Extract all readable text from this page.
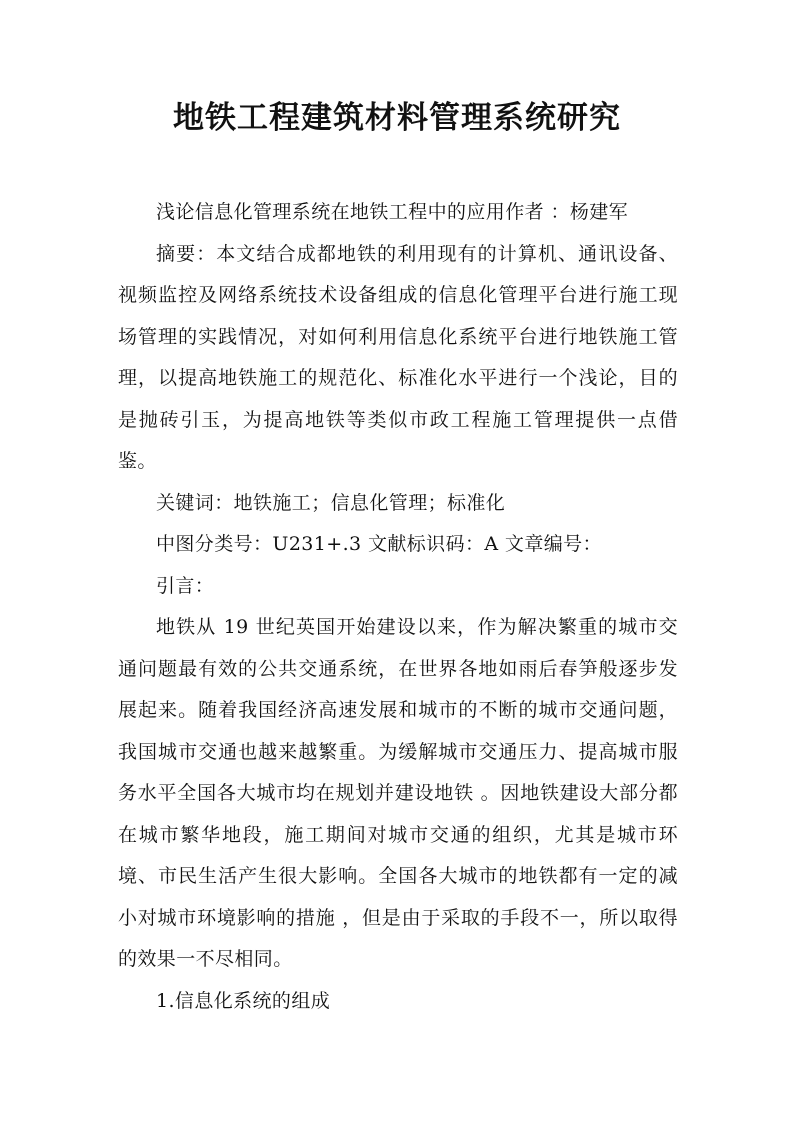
地铁工程建筑材料管理系统研究

浅论信息化管理系统在地铁工程中的应用作者 ：杨建军

摘要：本文结合成都地铁的利用现有的计算机、通讯设备、视频监控及网络系统技术设备组成的信息化管理平台进行施工现场管理的实践情况，对如何利用信息化系统平台进行地铁施工管理，以提高地铁施工的规范化、标准化水平进行一个浅论，目的是抛砖引玉，为提高地铁等类似市政工程施工管理提供一点借鉴。

关键词：地铁施工；信息化管理；标准化

中图分类号：U231+.3 文献标识码：A 文章编号：

引言：

地铁从 19 世纪英国开始建设以来，作为解决繁重的城市交通问题最有效的公共交通系统，在世界各地如雨后春笋般逐步发展起来。随着我国经济高速发展和城市的不断的城市交通问题，我国城市交通也越来越繁重。为缓解城市交通压力、提高城市服务水平全国各大城市均在规划并建设地铁 。因地铁建设大部分都在城市繁华地段，施工期间对城市交通的组织，尤其是城市环境、市民生活产生很大影响。全国各大城市的地铁都有一定的减小对城市环境影响的措施 ，但是由于采取的手段不一，所以取得的效果一不尽相同。

1.信息化系统的组成
